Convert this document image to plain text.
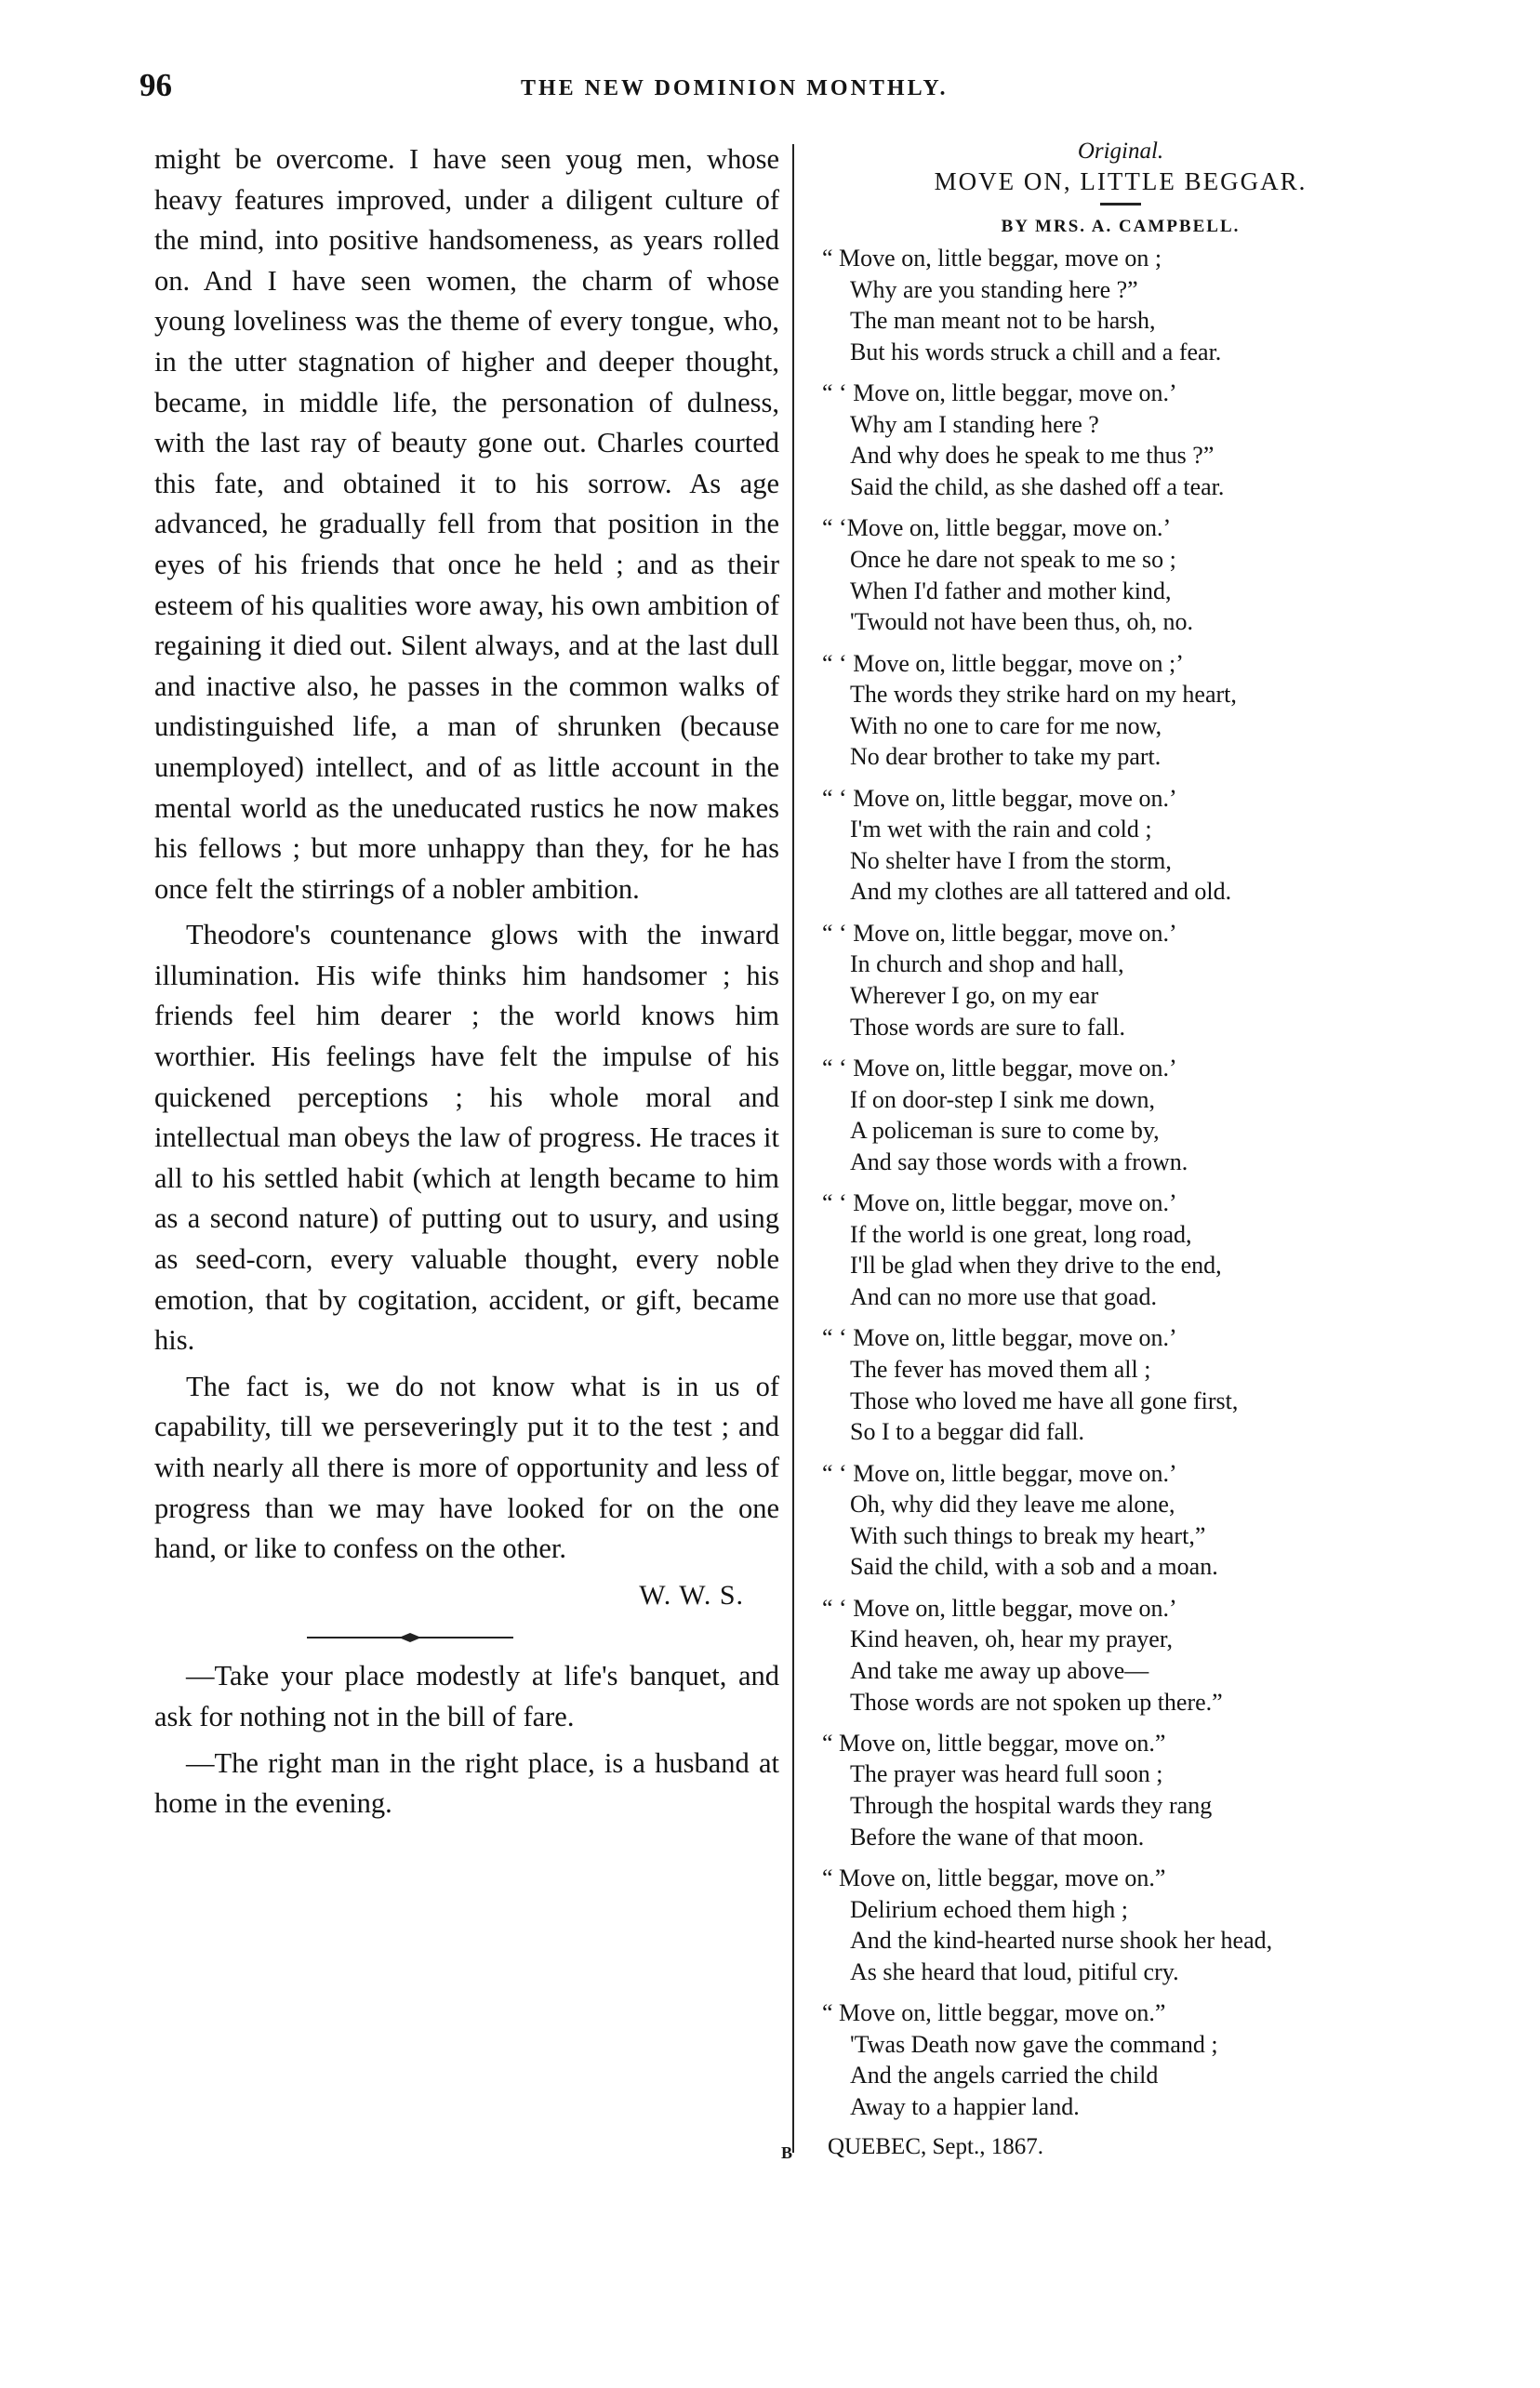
96	THE NEW DOMINION MONTHLY.

might be overcome. I have seen youg men, whose heavy features improved, under a diligent culture of the mind, into positive handsomeness, as years rolled on. And I have seen women, the charm of whose young loveliness was the theme of every tongue, who, in the utter stagnation of higher and deeper thought, became, in middle life, the personation of dulness, with the last ray of beauty gone out. Charles courted this fate, and obtained it to his sorrow. As age advanced, he gradually fell from that position in the eyes of his friends that once he held ; and as their esteem of his qualities wore away, his own ambition of regaining it died out. Silent always, and at the last dull and inactive also, he passes in the common walks of undistinguished life, a man of shrunken (because unemployed) intellect, and of as little account in the mental world as the uneducated rustics he now makes his fellows ; but more unhappy than they, for he has once felt the stirrings of a nobler ambition.

Theodore's countenance glows with the inward illumination. His wife thinks him handsomer ; his friends feel him dearer ; the world knows him worthier. His feelings have felt the impulse of his quickened perceptions ; his whole moral and intellectual man obeys the law of progress. He traces it all to his settled habit (which at length became to him as a second nature) of putting out to usury, and using as seed-corn, every valuable thought, every noble emotion, that by cogitation, accident, or gift, became his.

The fact is, we do not know what is in us of capability, till we perseveringly put it to the test ; and with nearly all there is more of opportunity and less of progress than we may have looked for on the one hand, or like to confess on the other.

W. W. S.

—Take your place modestly at life's banquet, and ask for nothing not in the bill of fare.

—The right man in the right place, is a husband at home in the evening.

Original.
MOVE ON, LITTLE BEGGAR.
BY MRS. A. CAMPBELL.
“ Move on, little beggar, move on ;
Why are you standing here ?”
The man meant not to be harsh,
But his words struck a chill and a fear.
“ ‘ Move on, little beggar, move on.’
Why am I standing here ?
And why does he speak to me thus ?”
Said the child, as she dashed off a tear.
“ ‘Move on, little beggar, move on.’
Once he dare not speak to me so ;
When I'd father and mother kind,
'Twould not have been thus, oh, no.
“ ‘ Move on, little beggar, move on ;’
The words they strike hard on my heart,
With no one to care for me now,
No dear brother to take my part.
“ ‘ Move on, little beggar, move on.’
I'm wet with the rain and cold ;
No shelter have I from the storm,
And my clothes are all tattered and old.
“ ‘ Move on, little beggar, move on.’
In church and shop and hall,
Wherever I go, on my ear
Those words are sure to fall.
“ ‘ Move on, little beggar, move on.’
If on door-step I sink me down,
A policeman is sure to come by,
And say those words with a frown.
“ ‘ Move on, little beggar, move on.’
If the world is one great, long road,
I'll be glad when they drive to the end,
And can no more use that goad.
“ ‘ Move on, little beggar, move on.’
The fever has moved them all ;
Those who loved me have all gone first,
So I to a beggar did fall.
“ ‘ Move on, little beggar, move on.’
Oh, why did they leave me alone,
With such things to break my heart,”
Said the child, with a sob and a moan.
“ ‘ Move on, little beggar, move on.’
Kind heaven, oh, hear my prayer,
And take me away up above—
Those words are not spoken up there.”
“ Move on, little beggar, move on.”
The prayer was heard full soon ;
Through the hospital wards they rang
Before the wane of that moon.
“ Move on, little beggar, move on.”
Delirium echoed them high ;
And the kind-hearted nurse shook her head,
As she heard that loud, pitiful cry.
“ Move on, little beggar, move on.”
'Twas Death now gave the command ;
And the angels carried the child
Away to a happier land.
QUEBEC, Sept., 1867.
B
